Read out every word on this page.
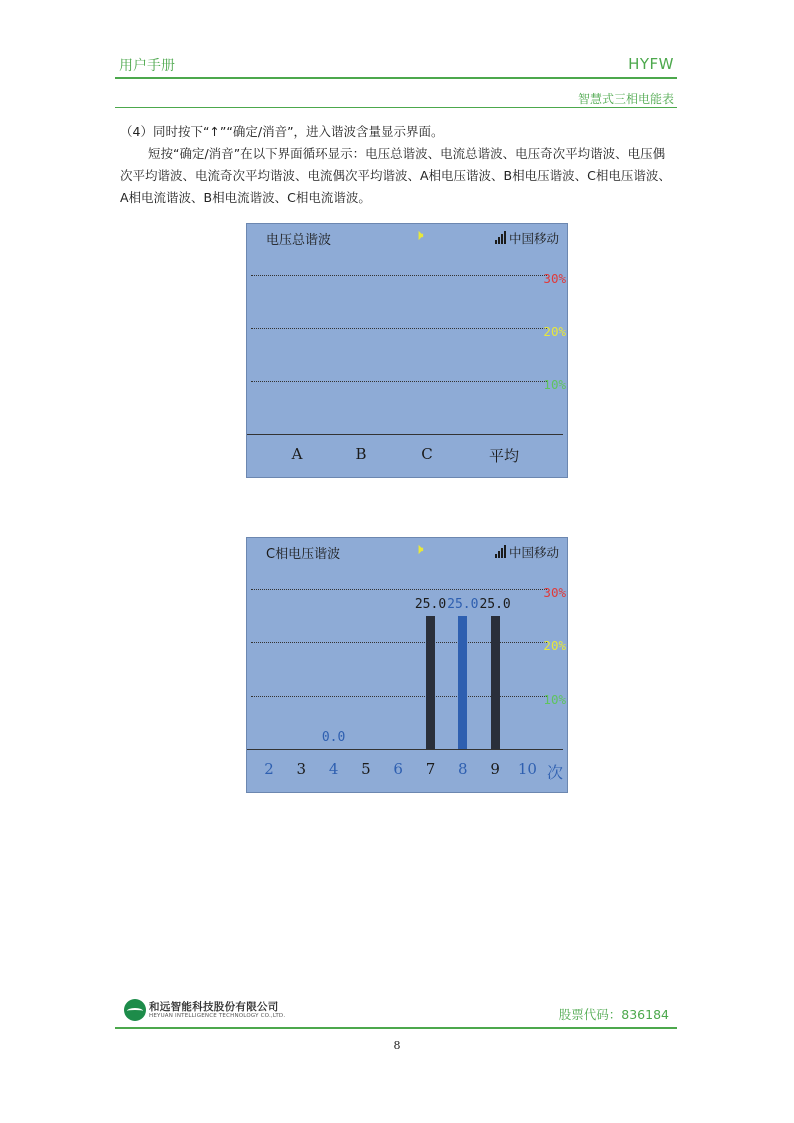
用户手册	HYFW
智慧式三相电能表

（4）同时按下“↑”“确定/消音”，进入谐波含量显示界面。

短按“确定/消音”在以下界面循环显示：电压总谐波、电流总谐波、电压奇次平均谐波、电压偶次平均谐波、电流奇次平均谐波、电流偶次平均谐波、A相电压谐波、B相电压谐波、C相电压谐波、A相电流谐波、B相电流谐波、C相电流谐波。

电压总谐波	🕨	中国移动
30%
20%
10%
A	B	C	平均
C相电压谐波	🕨	中国移动
30%
20%
10%
次
2 3 4
0.0
5 6 7
25.0
8
25.0
9
25.0
10
和远智能科技股份有限公司
HEYUAN INTELLIGENCE TECHNOLOGY CO.,LTD.	股票代码：836184
8
